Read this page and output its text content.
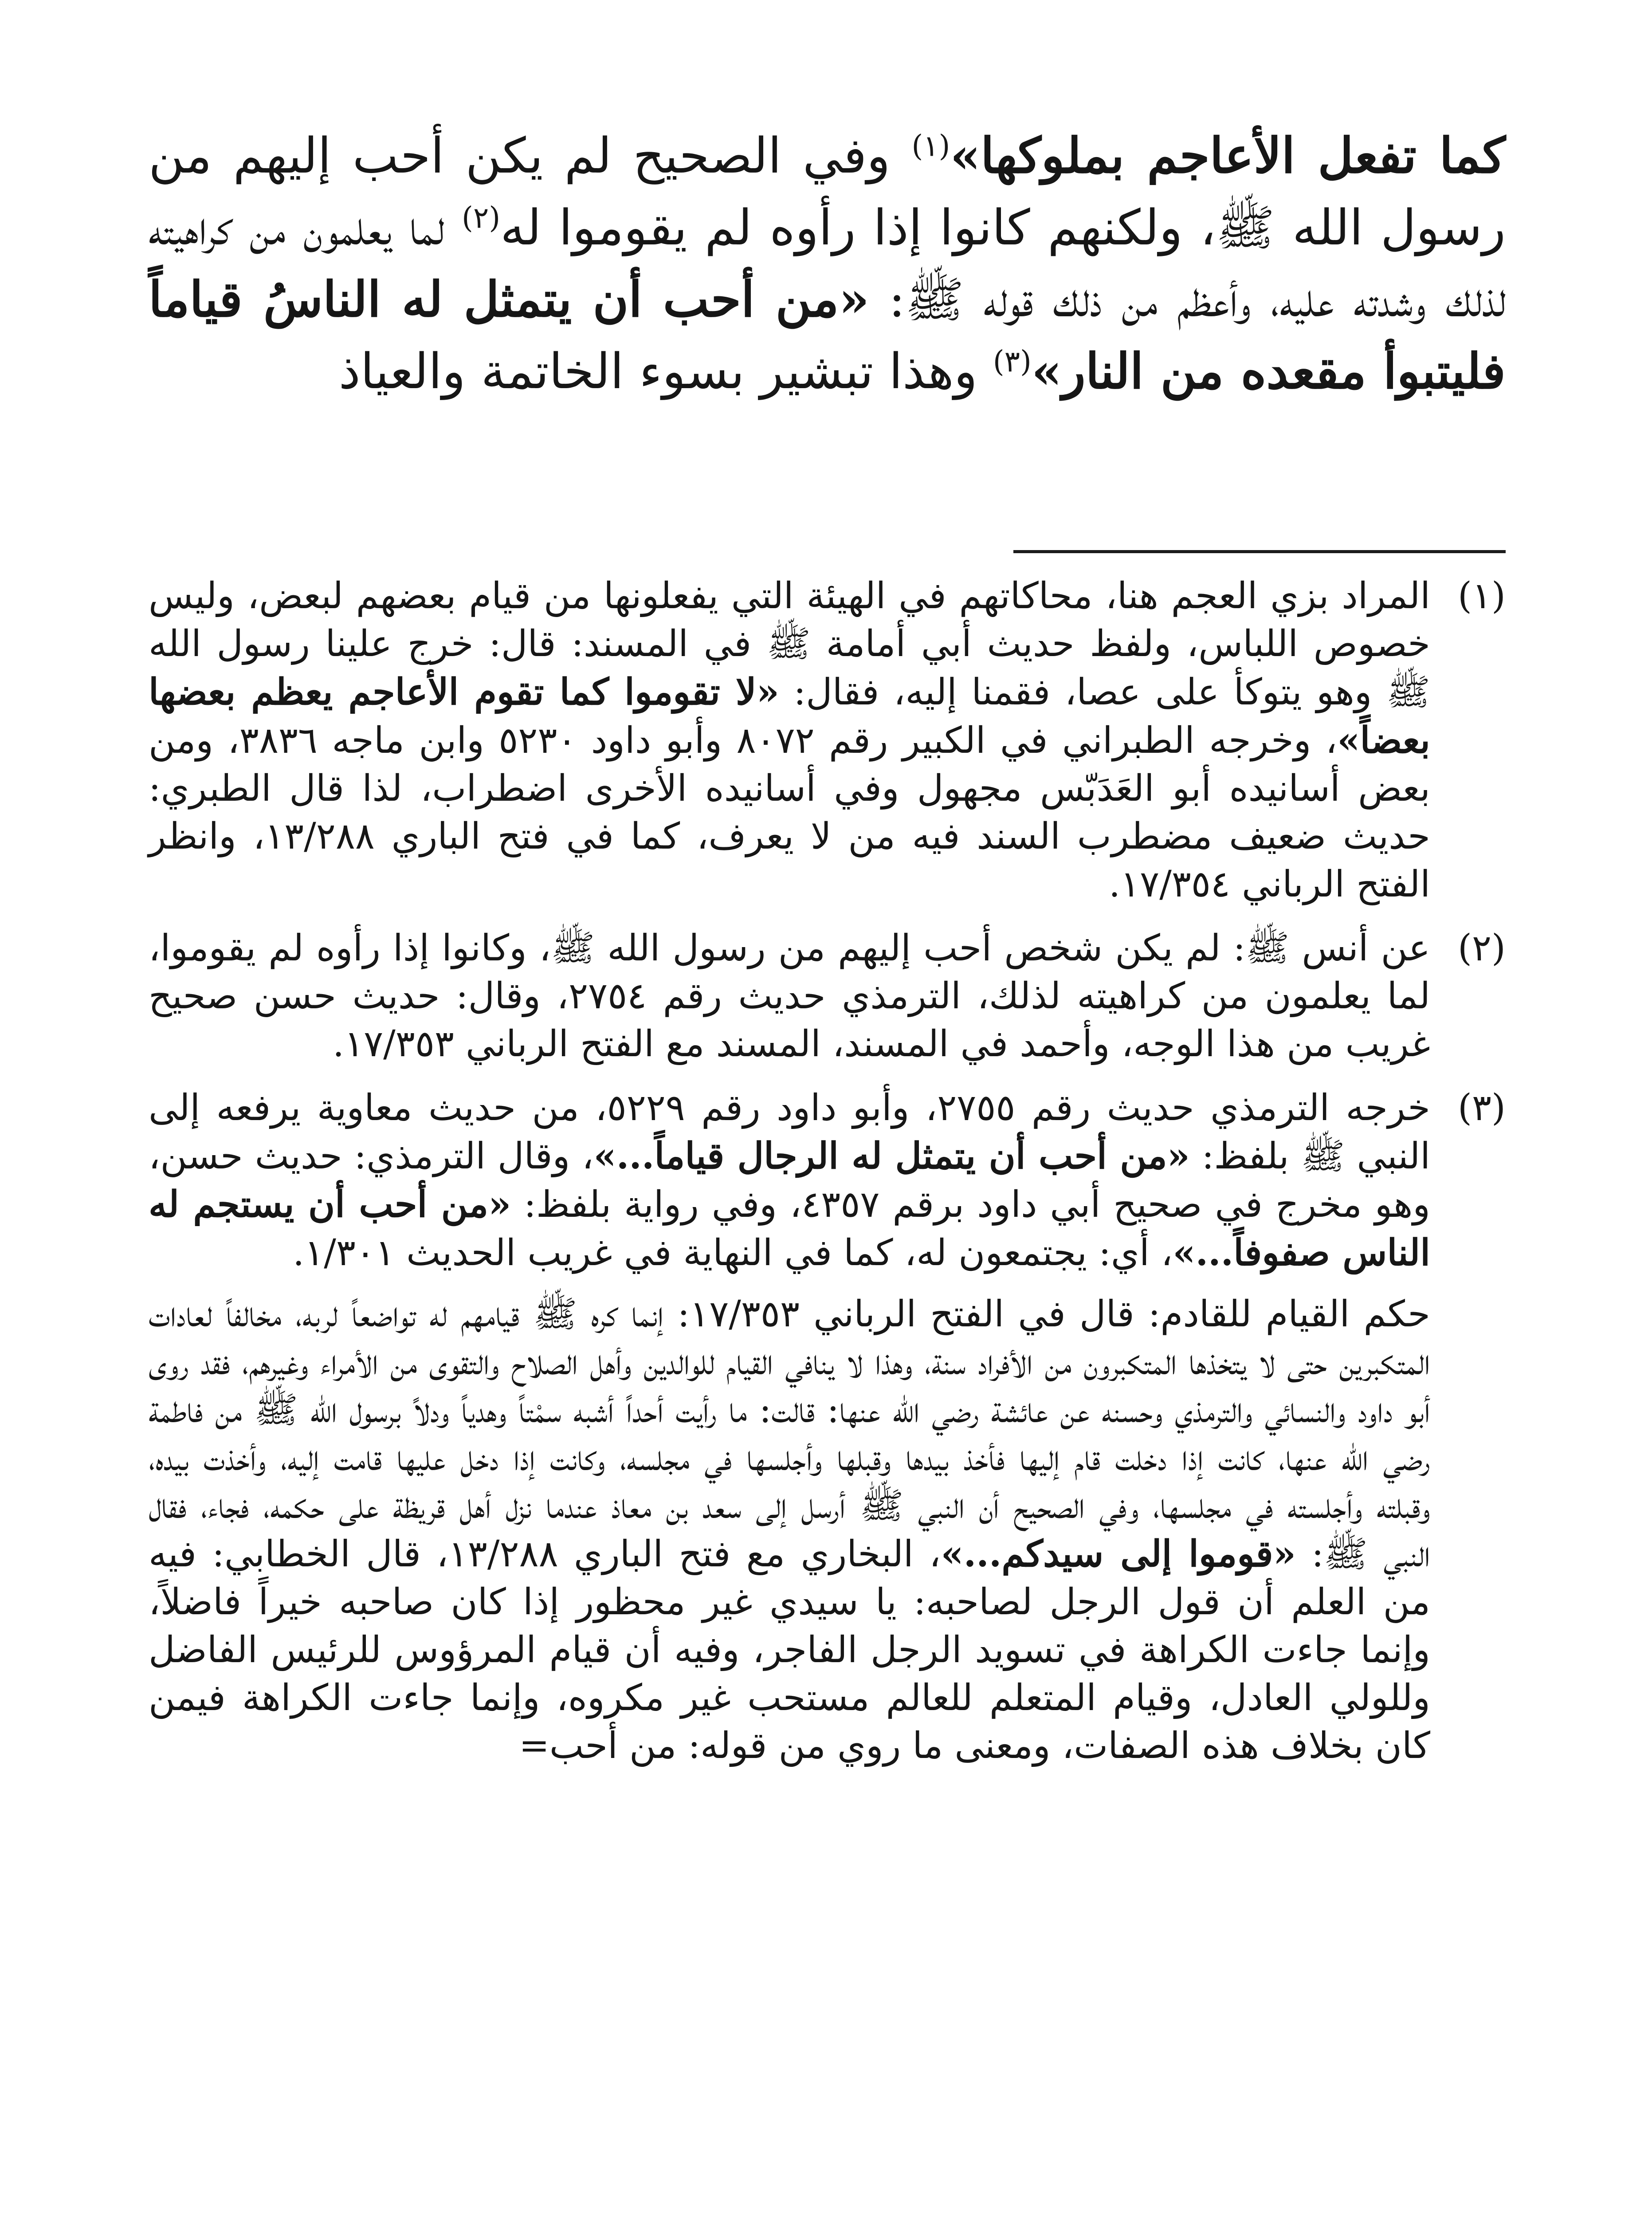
كما تفعل الأعاجم بملوكها»$^{(١)}$ وفي الصحيح لم يكن أحب إليهم من رسول الله ﷺ، ولكنهم كانوا إذا رأوه لم يقوموا له$^{(٢)}$ لما يعلمون من كراهيته لذلك وشدته عليه، وأعظم من ذلك قوله ﷺ: «من أحب أن يتمثل له الناسُ قياماً فليتبوأ مقعده من النار»$^{(٣)}$ وهذا تبشير بسوء الخاتمة والعياذ

(١)

المراد بزي العجم هنا، محاكاتهم في الهيئة التي يفعلونها من قيام بعضهم لبعض، وليس خصوص اللباس، ولفظ حديث أبي أمامة ﷺ في المسند: قال: خرج علينا رسول الله ﷺ وهو يتوكأ على عصا، فقمنا إليه، فقال: «لا تقوموا كما تقوم الأعاجم يعظم بعضها بعضاً»، وخرجه الطبراني في الكبير رقم ٨٠٧٢ وأبو داود ٥٢٣٠ وابن ماجه ٣٨٣٦، ومن بعض أسانيده أبو العَدَبّس مجهول وفي أسانيده الأخرى اضطراب، لذا قال الطبري: حديث ضعيف مضطرب السند فيه من لا يعرف، كما في فتح الباري ١٣/٢٨٨، وانظر الفتح الرباني ١٧/٣٥٤.

(٢)

عن أنس ﷺ: لم يكن شخص أحب إليهم من رسول الله ﷺ، وكانوا إذا رأوه لم يقوموا، لما يعلمون من كراهيته لذلك، الترمذي حديث رقم ٢٧٥٤، وقال: حديث حسن صحيح غريب من هذا الوجه، وأحمد في المسند، المسند مع الفتح الرباني ١٧/٣٥٣.

(٣)

خرجه الترمذي حديث رقم ٢٧٥٥، وأبو داود رقم ٥٢٢٩، من حديث معاوية يرفعه إلى النبي ﷺ بلفظ: «من أحب أن يتمثل له الرجال قياماً...»، وقال الترمذي: حديث حسن، وهو مخرج في صحيح أبي داود برقم ٤٣٥٧، وفي رواية بلفظ: «من أحب أن يستجم له الناس صفوفاً...»، أي: يجتمعون له، كما في النهاية في غريب الحديث ١/٣٠١.

حكم القيام للقادم: قال في الفتح الرباني ١٧/٣٥٣: إنما كره ﷺ قيامهم له تواضعاً لربه، مخالفاً لعادات المتكبرين حتى لا يتخذها المتكبرون من الأفراد سنة، وهذا لا ينافي القيام للوالدين وأهل الصلاح والتقوى من الأمراء وغيرهم، فقد روى أبو داود والنسائي والترمذي وحسنه عن عائشة رضي الله عنها: قالت: ما رأيت أحداً أشبه سمْتاً وهدياً ودلاً برسول الله ﷺ من فاطمة رضي الله عنها، كانت إذا دخلت قام إليها فأخذ بيدها وقبلها وأجلسها في مجلسه، وكانت إذا دخل عليها قامت إليه، وأخذت بيده، وقبلته وأجلسته في مجلسها، وفي الصحيح أن النبي ﷺ أرسل إلى سعد بن معاذ عندما نزل أهل قريظة على حكمه، فجاء، فقال النبي ﷺ: «قوموا إلى سيدكم...»، البخاري مع فتح الباري ١٣/٢٨٨، قال الخطابي: فيه من العلم أن قول الرجل لصاحبه: يا سيدي غير محظور إذا كان صاحبه خيراً فاضلاً، وإنما جاءت الكراهة في تسويد الرجل الفاجر، وفيه أن قيام المرؤوس للرئيس الفاضل وللولي العادل، وقيام المتعلم للعالم مستحب غير مكروه، وإنما جاءت الكراهة فيمن كان بخلاف هذه الصفات، ومعنى ما روي من قوله: من أحب=
